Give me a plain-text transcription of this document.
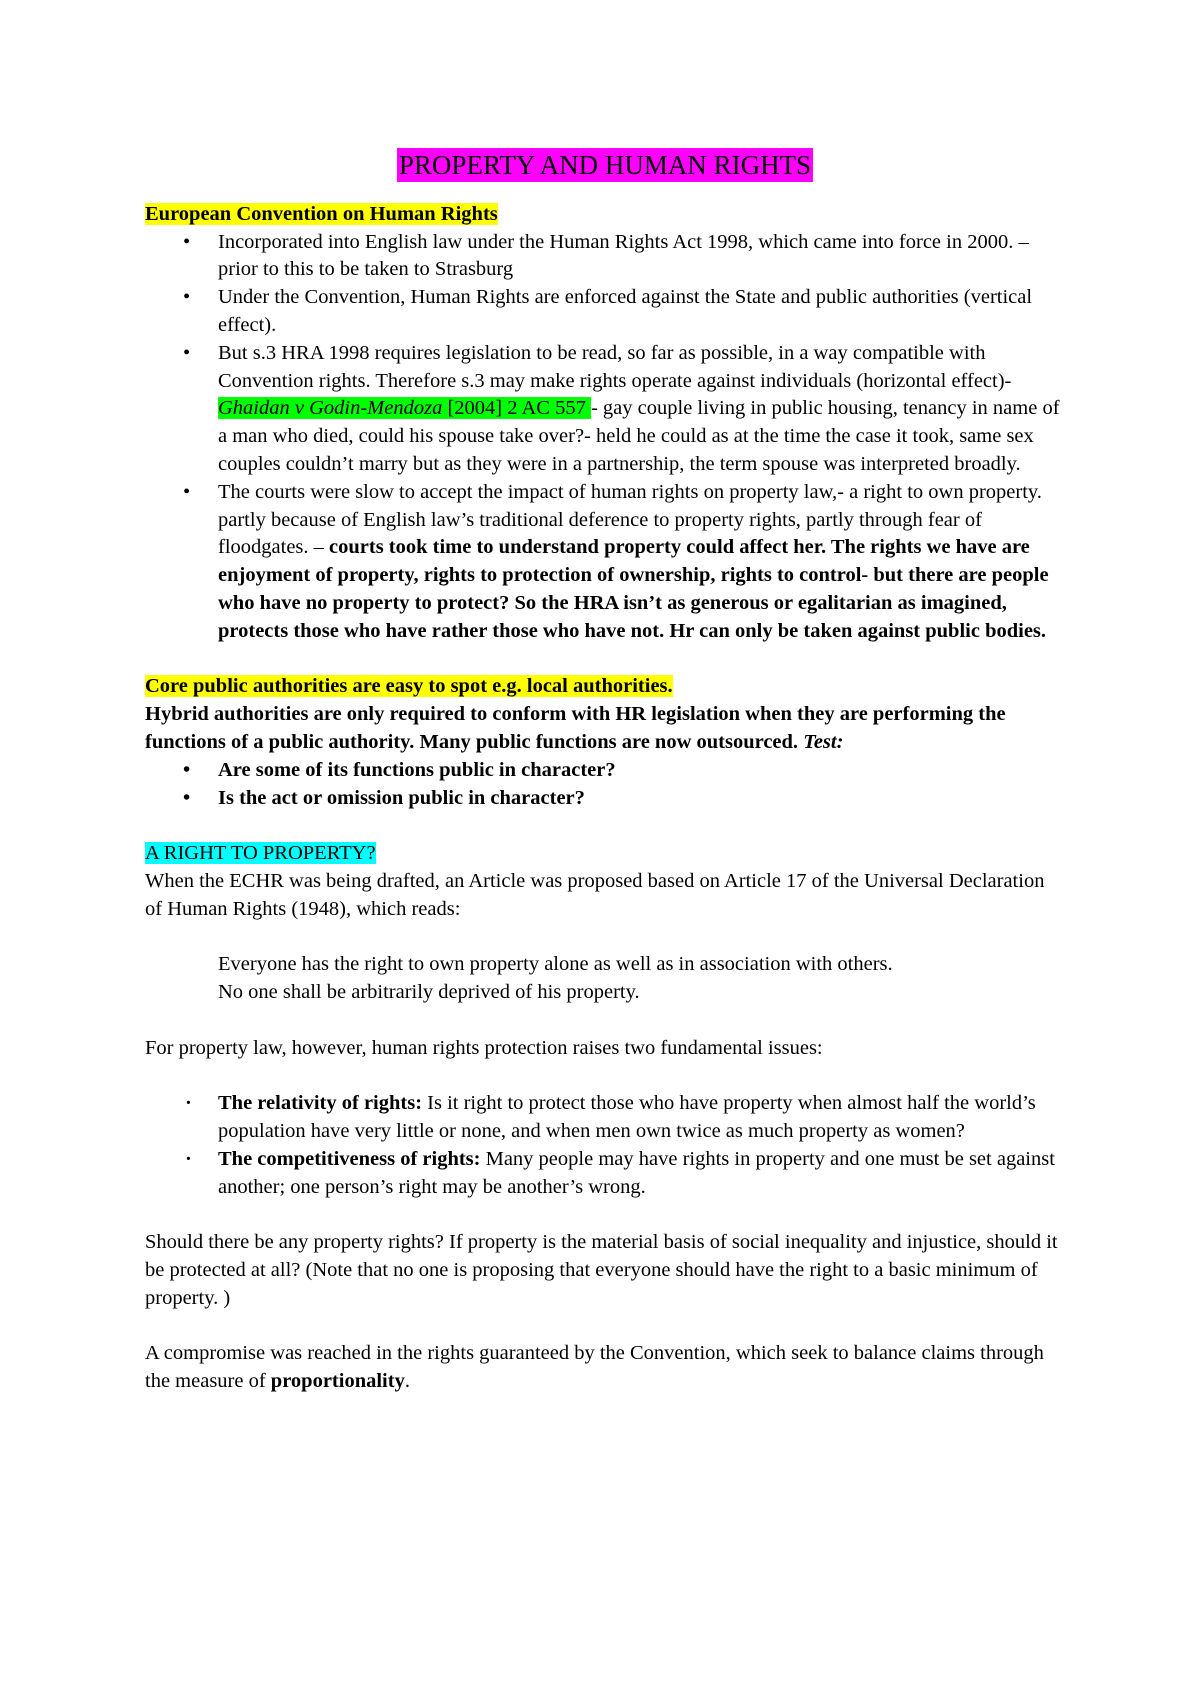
PROPERTY AND HUMAN RIGHTS

European Convention on Human Rights

• Incorporated into English law under the Human Rights Act 1998, which came into force in 2000. – prior to this to be taken to Strasburg
• Under the Convention, Human Rights are enforced against the State and public authorities (vertical effect).
• But s.3 HRA 1998 requires legislation to be read, so far as possible, in a way compatible with Convention rights. Therefore s.3 may make rights operate against individuals (horizontal effect)- Ghaidan v Godin-Mendoza [2004] 2 AC 557 - gay couple living in public housing, tenancy in name of a man who died, could his spouse take over?- held he could as at the time the case it took, same sex couples couldn’t marry but as they were in a partnership, the term spouse was interpreted broadly.
• The courts were slow to accept the impact of human rights on property law,- a right to own property. partly because of English law’s traditional deference to property rights, partly through fear of floodgates. – courts took time to understand property could affect her. The rights we have are enjoyment of property, rights to protection of ownership, rights to control- but there are people who have no property to protect? So the HRA isn’t as generous or egalitarian as imagined, protects those who have rather those who have not. Hr can only be taken against public bodies.

Core public authorities are easy to spot e.g. local authorities.

Hybrid authorities are only required to conform with HR legislation when they are performing the functions of a public authority. Many public functions are now outsourced. Test:

• Are some of its functions public in character?
• Is the act or omission public in character?

A RIGHT TO PROPERTY?

When the ECHR was being drafted, an Article was proposed based on Article 17 of the Universal Declaration of Human Rights (1948), which reads:

Everyone has the right to own property alone as well as in association with others.

No one shall be arbitrarily deprived of his property.

For property law, however, human rights protection raises two fundamental issues:

· The relativity of rights: Is it right to protect those who have property when almost half the world’s population have very little or none, and when men own twice as much property as women?
· The competitiveness of rights: Many people may have rights in property and one must be set against another; one person’s right may be another’s wrong.

Should there be any property rights? If property is the material basis of social inequality and injustice, should it be protected at all? (Note that no one is proposing that everyone should have the right to a basic minimum of property. )

A compromise was reached in the rights guaranteed by the Convention, which seek to balance claims through the measure of proportionality.
